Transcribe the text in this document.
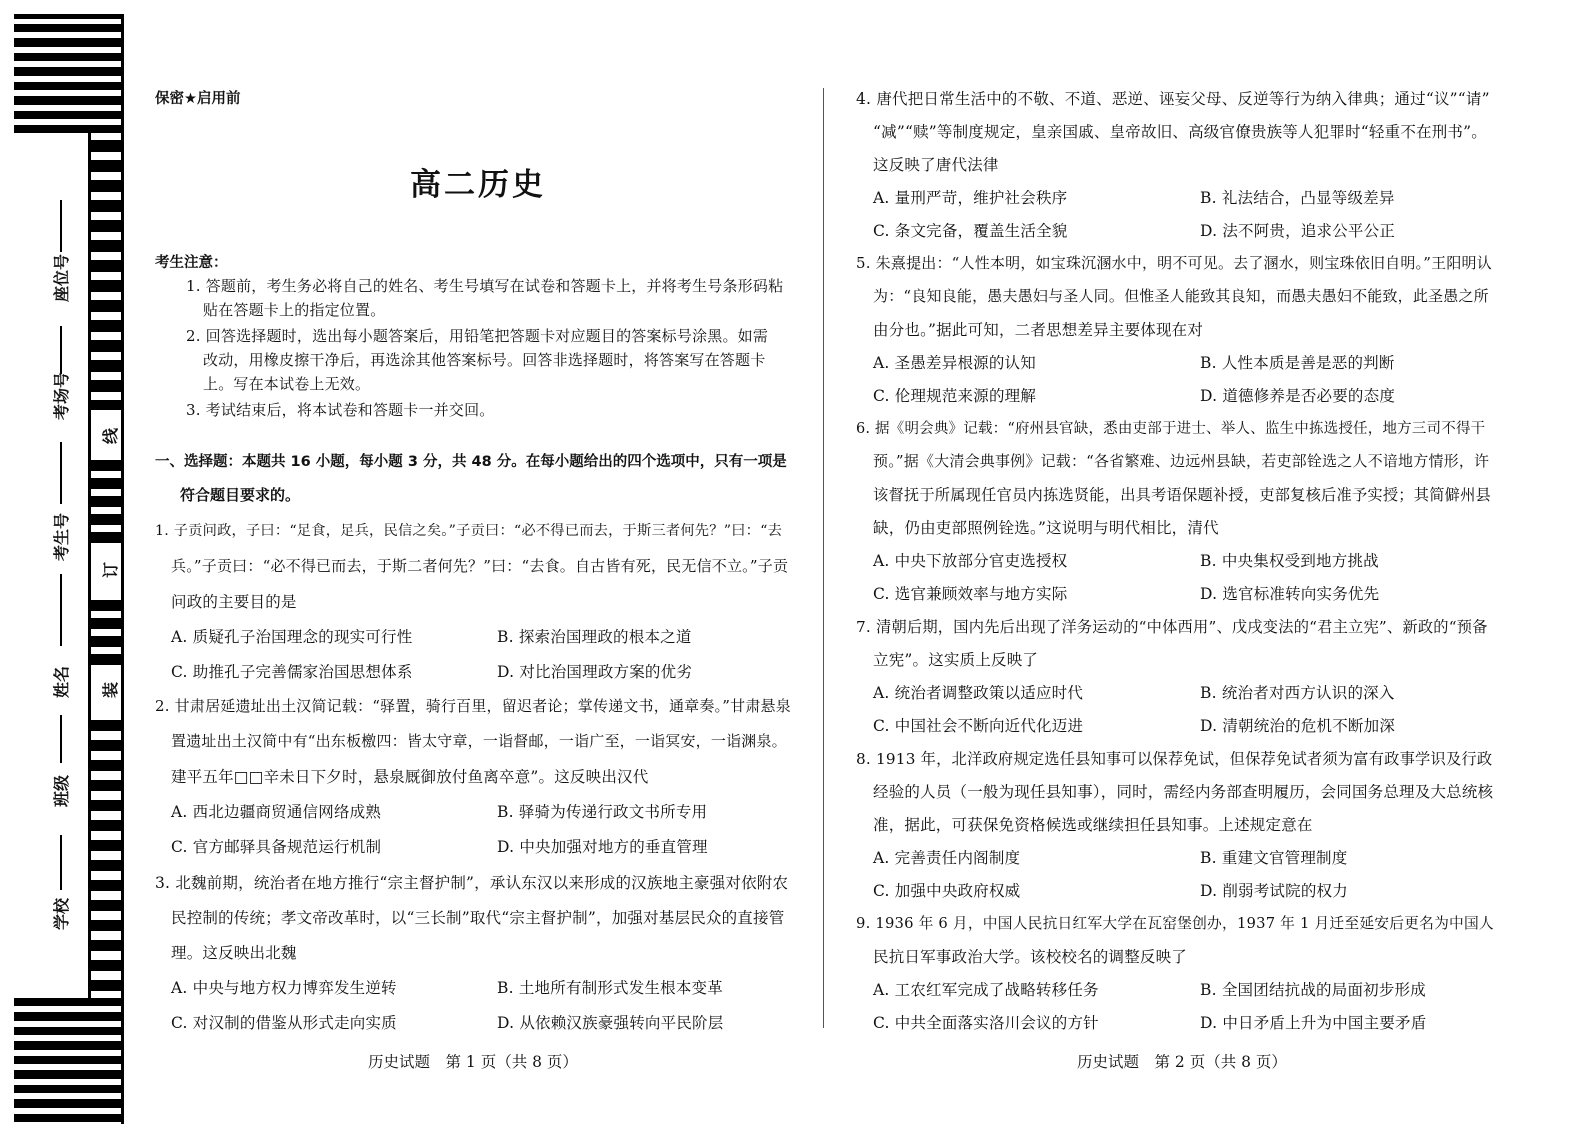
座位号
考场号
考生号
姓名
班级
学校
线
订
装
保密★启用前
高二历史
考生注意：
1. 答题前，考生务必将自己的姓名、考生号填写在试卷和答题卡上，并将考生号条形码粘
贴在答题卡上的指定位置。
2. 回答选择题时，选出每小题答案后，用铅笔把答题卡对应题目的答案标号涂黑。如需
改动，用橡皮擦干净后，再选涂其他答案标号。回答非选择题时，将答案写在答题卡
上。写在本试卷上无效。
3. 考试结束后，将本试卷和答题卡一并交回。
一、选择题：本题共 16 小题，每小题 3 分，共 48 分。在每小题给出的四个选项中，只有一项是
符合题目要求的。
1. 子贡问政，子曰：“足食，足兵，民信之矣。”子贡曰：“必不得已而去，于斯三者何先？”曰：“去
兵。”子贡曰：“必不得已而去，于斯二者何先？”曰：“去食。自古皆有死，民无信不立。”子贡
问政的主要目的是
A. 质疑孔子治国理念的现实可行性	B. 探索治国理政的根本之道
C. 助推孔子完善儒家治国思想体系	D. 对比治国理政方案的优劣
2. 甘肃居延遗址出土汉简记载：“驿置，骑行百里，留迟者论；掌传递文书，通章奏。”甘肃悬泉
置遗址出土汉简中有“出东板檄四：皆太守章，一诣督邮，一诣广至，一诣冥安，一诣渊泉。
建平五年□□辛未日下夕时，悬泉厩御放付鱼离卒意”。这反映出汉代
A. 西北边疆商贸通信网络成熟	B. 驿骑为传递行政文书所专用
C. 官方邮驿具备规范运行机制	D. 中央加强对地方的垂直管理
3. 北魏前期，统治者在地方推行“宗主督护制”，承认东汉以来形成的汉族地主豪强对依附农
民控制的传统；孝文帝改革时，以“三长制”取代“宗主督护制”，加强对基层民众的直接管
理。这反映出北魏
A. 中央与地方权力博弈发生逆转	B. 土地所有制形式发生根本变革
C. 对汉制的借鉴从形式走向实质	D. 从依赖汉族豪强转向平民阶层
历史试题　第 1 页（共 8 页）
4. 唐代把日常生活中的不敬、不道、恶逆、诬妄父母、反逆等行为纳入律典；通过“议”“请”
“减”“赎”等制度规定，皇亲国戚、皇帝故旧、高级官僚贵族等人犯罪时“轻重不在刑书”。
这反映了唐代法律
A. 量刑严苛，维护社会秩序	B. 礼法结合，凸显等级差异
C. 条文完备，覆盖生活全貌	D. 法不阿贵，追求公平公正
5. 朱熹提出：“人性本明，如宝珠沉溷水中，明不可见。去了溷水，则宝珠依旧自明。”王阳明认
为：“良知良能，愚夫愚妇与圣人同。但惟圣人能致其良知，而愚夫愚妇不能致，此圣愚之所
由分也。”据此可知，二者思想差异主要体现在对
A. 圣愚差异根源的认知	B. 人性本质是善是恶的判断
C. 伦理规范来源的理解	D. 道德修养是否必要的态度
6. 据《明会典》记载：“府州县官缺，悉由吏部于进士、举人、监生中拣选授任，地方三司不得干
预。”据《大清会典事例》记载：“各省繁难、边远州县缺，若吏部铨选之人不谙地方情形，许
该督抚于所属现任官员内拣选贤能，出具考语保题补授，吏部复核后准予实授；其简僻州县
缺，仍由吏部照例铨选。”这说明与明代相比，清代
A. 中央下放部分官吏选授权	B. 中央集权受到地方挑战
C. 选官兼顾效率与地方实际	D. 选官标准转向实务优先
7. 清朝后期，国内先后出现了洋务运动的“中体西用”、戊戌变法的“君主立宪”、新政的“预备
立宪”。这实质上反映了
A. 统治者调整政策以适应时代	B. 统治者对西方认识的深入
C. 中国社会不断向近代化迈进	D. 清朝统治的危机不断加深
8. 1913 年，北洋政府规定选任县知事可以保荐免试，但保荐免试者须为富有政事学识及行政
经验的人员（一般为现任县知事），同时，需经内务部查明履历，会同国务总理及大总统核
准，据此，可获保免资格候选或继续担任县知事。上述规定意在
A. 完善责任内阁制度	B. 重建文官管理制度
C. 加强中央政府权威	D. 削弱考试院的权力
9. 1936 年 6 月，中国人民抗日红军大学在瓦窑堡创办，1937 年 1 月迁至延安后更名为中国人
民抗日军事政治大学。该校校名的调整反映了
A. 工农红军完成了战略转移任务	B. 全国团结抗战的局面初步形成
C. 中共全面落实洛川会议的方针	D. 中日矛盾上升为中国主要矛盾
历史试题　第 2 页（共 8 页）
